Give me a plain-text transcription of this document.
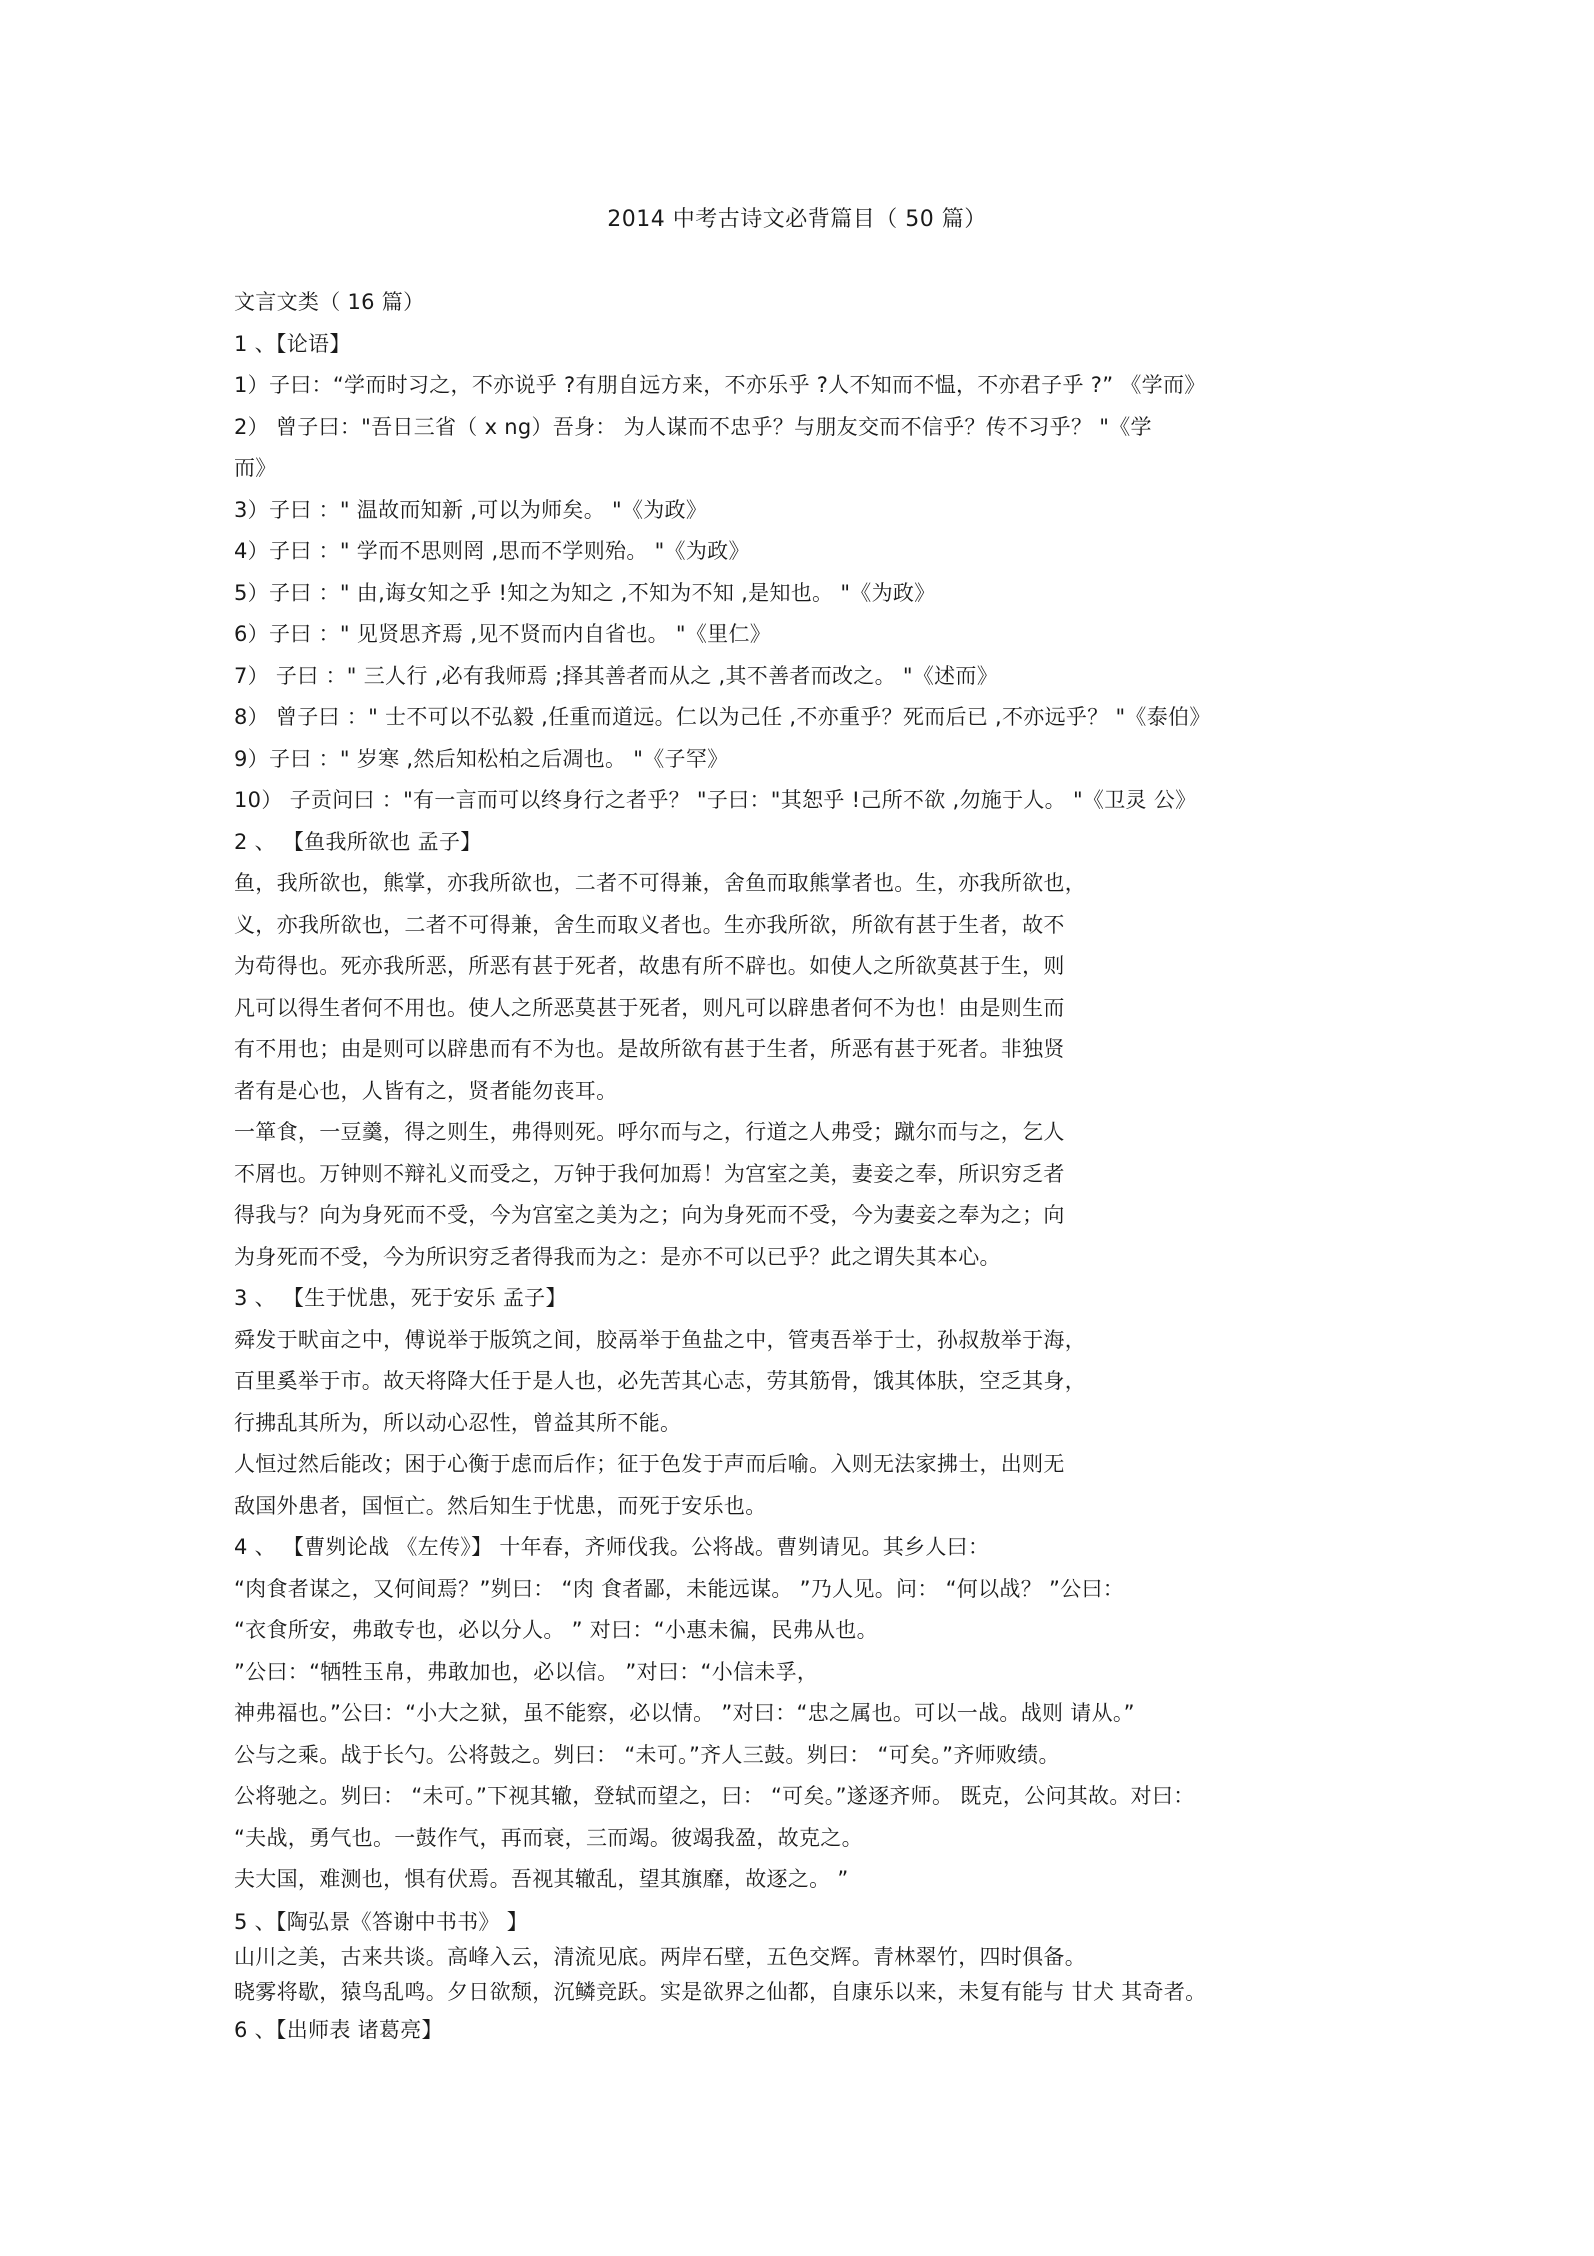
2014 中考古诗文必背篇目（ 50 篇）
文言文类（ 16 篇）
1 、【论语】
1）子曰：“学而时习之，不亦说乎 ?有朋自远方来，不亦乐乎 ?人不知而不愠，不亦君子乎 ?” 《学而》
2） 曾子曰："吾日三省（ x ng）吾身： 为人谋而不忠乎？与朋友交而不信乎？传不习乎？ "《学
而》
3）子曰 ：" 温故而知新 ,可以为师矣。 "《为政》
4）子曰 ：" 学而不思则罔 ,思而不学则殆。 "《为政》
5）子曰 ：" 由,诲女知之乎 !知之为知之 ,不知为不知 ,是知也。 "《为政》
6）子曰 ：" 见贤思齐焉 ,见不贤而内自省也。 "《里仁》
7） 子曰 ：" 三人行 ,必有我师焉 ;择其善者而从之 ,其不善者而改之。 "《述而》
8） 曾子曰 ：" 士不可以不弘毅 ,任重而道远。仁以为己任 ,不亦重乎？死而后已 ,不亦远乎？ "《泰伯》
9）子曰 ：" 岁寒 ,然后知松柏之后凋也。 "《子罕》
10） 子贡问曰 ："有一言而可以终身行之者乎？ "子曰："其恕乎 !己所不欲 ,勿施于人。 "《卫灵 公》
2 、 【鱼我所欲也 孟子】
鱼，我所欲也，熊掌，亦我所欲也，二者不可得兼，舍鱼而取熊掌者也。生，亦我所欲也，
义，亦我所欲也，二者不可得兼，舍生而取义者也。生亦我所欲，所欲有甚于生者，故不
为苟得也。死亦我所恶，所恶有甚于死者，故患有所不辟也。如使人之所欲莫甚于生，则
凡可以得生者何不用也。使人之所恶莫甚于死者，则凡可以辟患者何不为也！由是则生而
有不用也；由是则可以辟患而有不为也。是故所欲有甚于生者，所恶有甚于死者。非独贤
者有是心也，人皆有之，贤者能勿丧耳。
一箪食，一豆羹，得之则生，弗得则死。呼尔而与之，行道之人弗受；蹴尔而与之，乞人
不屑也。万钟则不辩礼义而受之，万钟于我何加焉！为宫室之美，妻妾之奉，所识穷乏者
得我与？向为身死而不受，今为宫室之美为之；向为身死而不受，今为妻妾之奉为之；向
为身死而不受，今为所识穷乏者得我而为之：是亦不可以已乎？此之谓失其本心。
3 、 【生于忧患，死于安乐 孟子】
舜发于畎亩之中，傅说举于版筑之间，胶鬲举于鱼盐之中，管夷吾举于士，孙叔敖举于海，
百里奚举于市。故天将降大任于是人也，必先苦其心志，劳其筋骨，饿其体肤，空乏其身，
行拂乱其所为，所以动心忍性，曾益其所不能。
人恒过然后能改；困于心衡于虑而后作；征于色发于声而后喻。入则无法家拂士，出则无
敌国外患者，国恒亡。然后知生于忧患，而死于安乐也。
4 、 【曹刿论战 《左传》】 十年春，齐师伐我。公将战。曹刿请见。其乡人曰：
“肉食者谋之，又何间焉？”刿曰： “肉 食者鄙，未能远谋。 ”乃人见。问： “何以战？ ”公曰：
“衣食所安，弗敢专也，必以分人。 ” 对曰：“小惠未徧，民弗从也。
”公曰：“牺牲玉帛，弗敢加也，必以信。 ”对曰：“小信未孚，
神弗福也。”公曰：“小大之狱，虽不能察，必以情。 ”对曰：“忠之属也。可以一战。战则 请从。”
公与之乘。战于长勺。公将鼓之。刿曰： “未可。”齐人三鼓。刿曰： “可矣。”齐师败绩。
公将驰之。刿曰： “未可。”下视其辙，登轼而望之，曰： “可矣。”遂逐齐师。 既克，公问其故。对曰：
“夫战，勇气也。一鼓作气，再而衰，三而竭。彼竭我盈，故克之。
夫大国，难测也，惧有伏焉。吾视其辙乱，望其旗靡，故逐之。 ”
5 、【陶弘景《答谢中书书》 】
山川之美，古来共谈。高峰入云，清流见底。两岸石壁，五色交辉。青林翠竹，四时俱备。
晓雾将歇，猿鸟乱鸣。夕日欲颓，沉鳞竞跃。实是欲界之仙都，自康乐以来，未复有能与 甘犬 其奇者。
6 、【出师表 诸葛亮】
